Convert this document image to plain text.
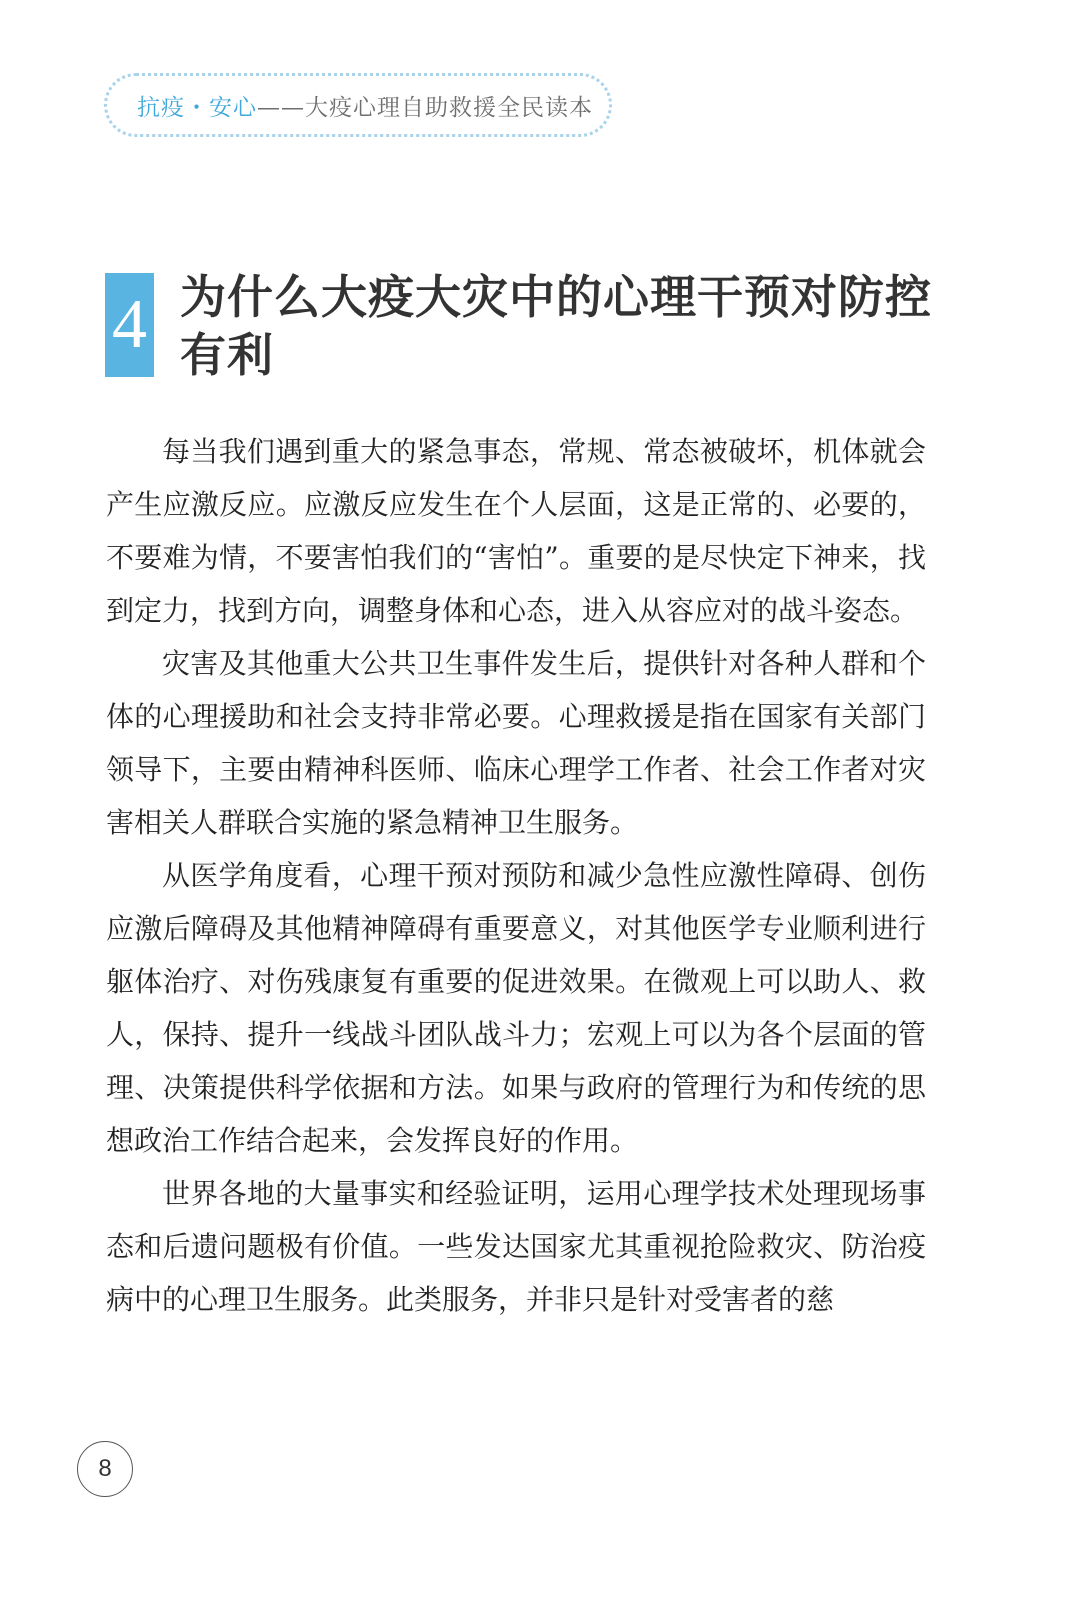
抗疫・安心 ——大疫心理自助救援全民读本
4 为什么大疫大灾中的心理干预对防控有利

每当我们遇到重大的紧急事态，常规、常态被破坏，机体就会产生应激反应。应激反应发生在个人层面，这是正常的、必要的，不要难为情，不要害怕我们的“害怕”。重要的是尽快定下神来，找到定力，找到方向，调整身体和心态，进入从容应对的战斗姿态。

灾害及其他重大公共卫生事件发生后，提供针对各种人群和个体的心理援助和社会支持非常必要。心理救援是指在国家有关部门领导下，主要由精神科医师、临床心理学工作者、社会工作者对灾害相关人群联合实施的紧急精神卫生服务。

从医学角度看，心理干预对预防和减少急性应激性障碍、创伤应激后障碍及其他精神障碍有重要意义，对其他医学专业顺利进行躯体治疗、对伤残康复有重要的促进效果。在微观上可以助人、救人，保持、提升一线战斗团队战斗力；宏观上可以为各个层面的管理、决策提供科学依据和方法。如果与政府的管理行为和传统的思想政治工作结合起来，会发挥良好的作用。

世界各地的大量事实和经验证明，运用心理学技术处理现场事态和后遗问题极有价值。一些发达国家尤其重视抢险救灾、防治疫病中的心理卫生服务。此类服务，并非只是针对受害者的慈

8
